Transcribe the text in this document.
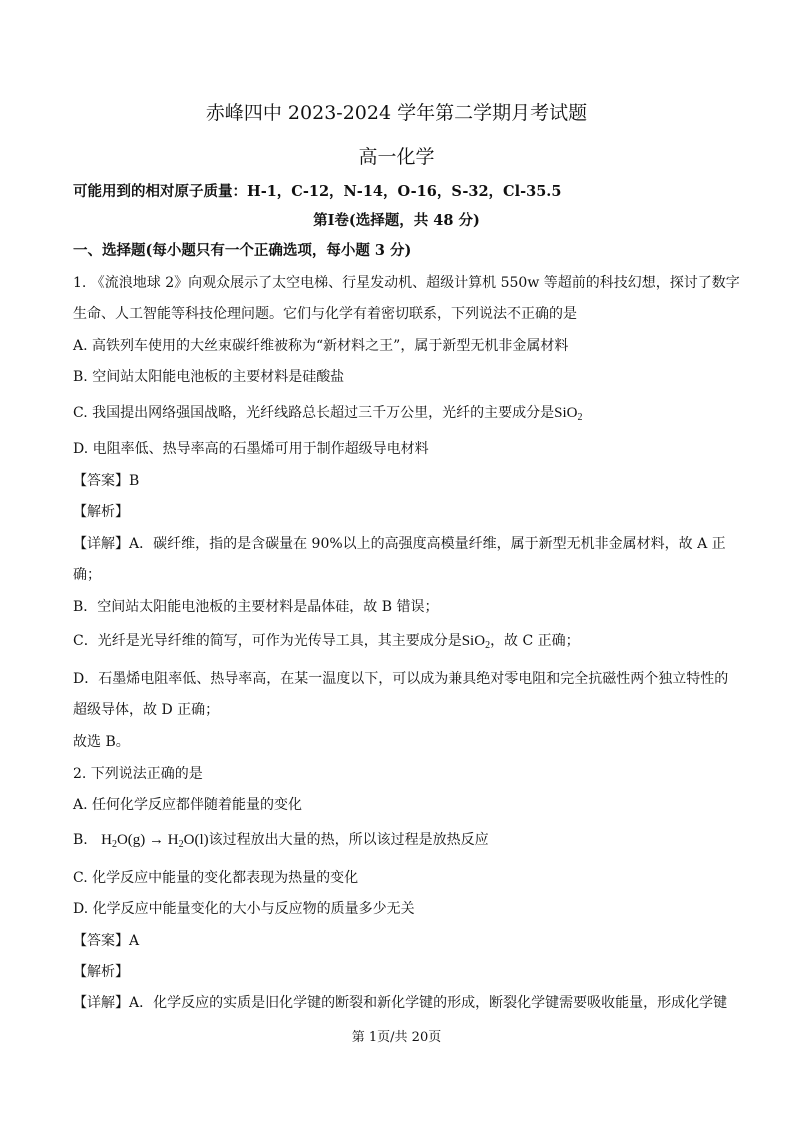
赤峰四中 2023-2024 学年第二学期月考试题
高一化学
可能用到的相对原子质量：H-1，C-12，N-14，O-16，S-32，Cl-35.5
第Ⅰ卷(选择题，共 48 分)
一、选择题(每小题只有一个正确选项，每小题 3 分)
1. 《流浪地球 2》向观众展示了太空电梯、行星发动机、超级计算机 550w 等超前的科技幻想，探讨了数字
生命、人工智能等科技伦理问题。它们与化学有着密切联系，下列说法不正确的是
A. 高铁列车使用的大丝束碳纤维被称为“新材料之王”，属于新型无机非金属材料
B. 空间站太阳能电池板的主要材料是硅酸盐
C. 我国提出网络强国战略，光纤线路总长超过三千万公里，光纤的主要成分是SiO$_2$
D. 电阻率低、热导率高的石墨烯可用于制作超级导电材料
【答案】B
【解析】
【详解】A．碳纤维，指的是含碳量在 90%以上的高强度高模量纤维，属于新型无机非金属材料，故 A 正
确；
B．空间站太阳能电池板的主要材料是晶体硅，故 B 错误；
C．光纤是光导纤维的简写，可作为光传导工具，其主要成分是SiO$_2$，故 C 正确；
D．石墨烯电阻率低、热导率高，在某一温度以下，可以成为兼具绝对零电阻和完全抗磁性两个独立特性的
超级导体，故 D 正确；
故选 B。
2. 下列说法正确的是
A. 任何化学反应都伴随着能量的变化
B. $H_2O(g) \to H_2O(l)$该过程放出大量的热，所以该过程是放热反应
C. 化学反应中能量的变化都表现为热量的变化
D. 化学反应中能量变化的大小与反应物的质量多少无关
【答案】A
【解析】
【详解】A．化学反应的实质是旧化学键的断裂和新化学键的形成，断裂化学键需要吸收能量，形成化学键
第 1页/共 20页
